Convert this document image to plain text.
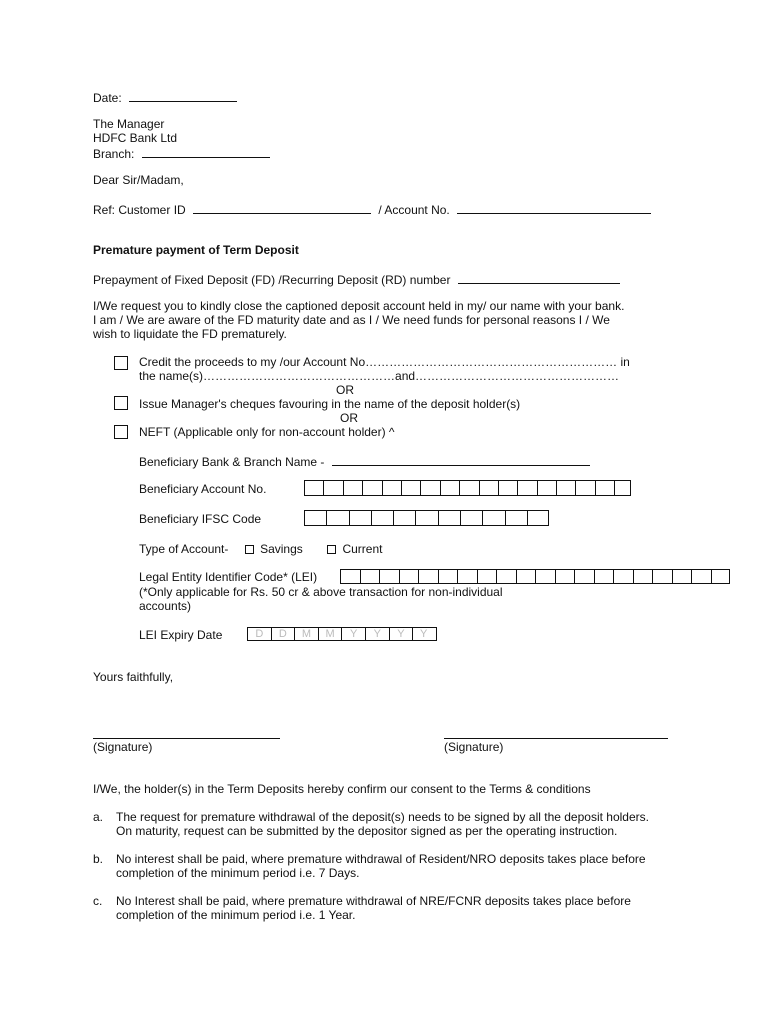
Date:
The Manager
HDFC Bank Ltd
Branch:
Dear Sir/Madam,
Ref: Customer ID	/ Account No.
Premature payment of Term Deposit
Prepayment of Fixed Deposit (FD) /Recurring Deposit (RD) number
I/We request you to kindly close the captioned deposit account held in my/ our name with your bank.
I am / We are aware of the FD maturity date and as I / We need funds for personal reasons I / We
wish to liquidate the FD prematurely.
Credit the proceeds to my /our Account No……………………………………………………… in
the name(s)…………………………………………and……………………………………………
OR
Issue Manager's cheques favouring in the name of the deposit holder(s)
OR
NEFT (Applicable only for non-account holder) ^
Beneficiary Bank & Branch Name -
Beneficiary Account No.
Beneficiary IFSC Code
Type of Account-	Savings	Current
Legal Entity Identifier Code* (LEI)
(*Only applicable for Rs. 50 cr & above transaction for non-individual
accounts)
LEI Expiry Date	D	D	M	M	Y	Y	Y	Y
Yours faithfully,
(Signature)	(Signature)
I/We, the holder(s) in the Term Deposits hereby confirm our consent to the Terms & conditions
a. The request for premature withdrawal of the deposit(s) needs to be signed by all the deposit holders.
On maturity, request can be submitted by the depositor signed as per the operating instruction.
b. No interest shall be paid, where premature withdrawal of Resident/NRO deposits takes place before
completion of the minimum period i.e. 7 Days.
c. No Interest shall be paid, where premature withdrawal of NRE/FCNR deposits takes place before
completion of the minimum period i.e. 1 Year.
